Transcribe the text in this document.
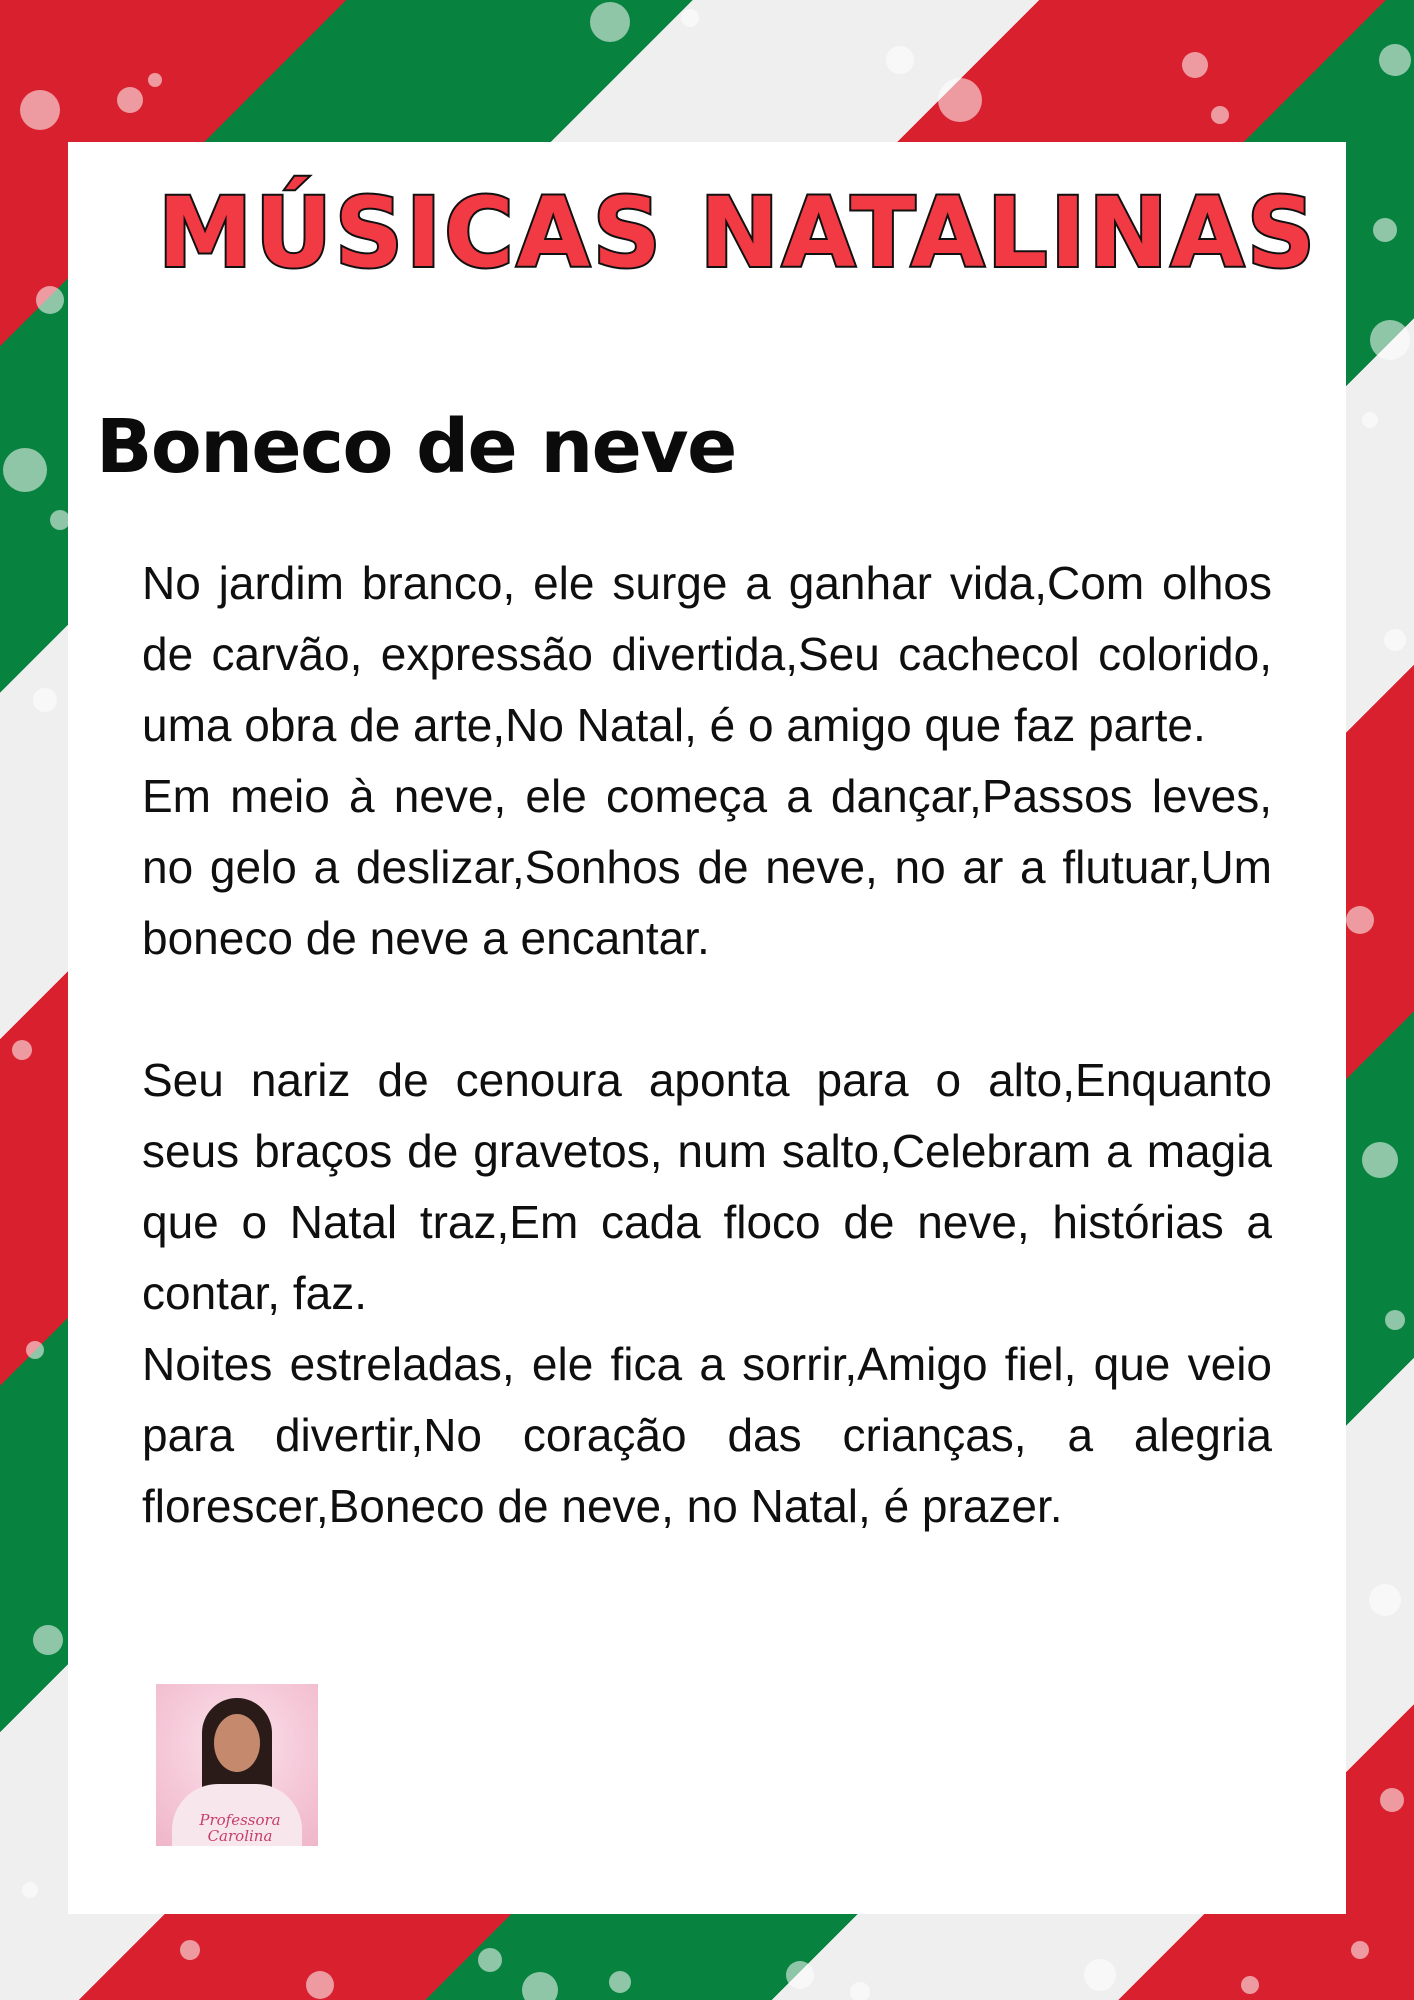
MÚSICAS NATALINAS
Boneco de neve

No jardim branco, ele surge a ganhar vida,Com olhos de carvão, expressão divertida,Seu cachecol colorido, uma obra de arte,No Natal, é o amigo que faz parte.

Em meio à neve, ele começa a dançar,Passos leves, no gelo a deslizar,Sonhos de neve, no ar a flutuar,Um boneco de neve a encantar.

Seu nariz de cenoura aponta para o alto,Enquanto seus braços de gravetos, num salto,Celebram a magia que o Natal traz,Em cada floco de neve, histórias a contar, faz.

Noites estreladas, ele fica a sorrir,Amigo fiel, que veio para divertir,No coração das crianças, a alegria florescer,Boneco de neve, no Natal, é prazer.

Professora Carolina
